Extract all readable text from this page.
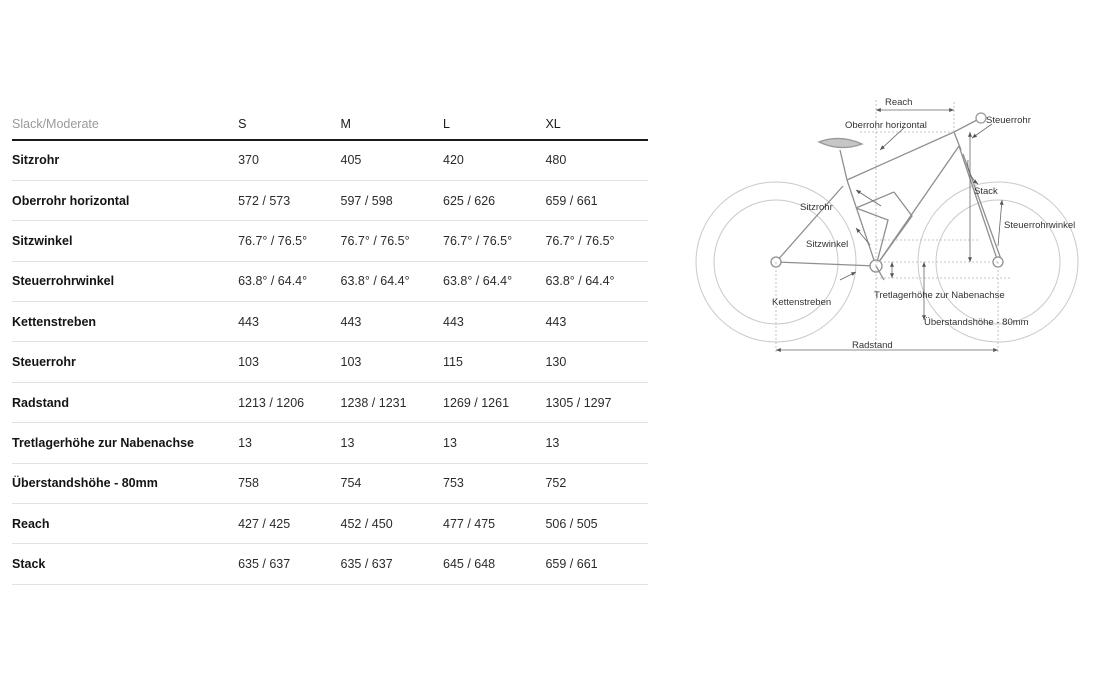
Slack/Moderate	S	M	L	XL
Sitzrohr	370	405	420	480
Oberrohr horizontal	572 / 573	597 / 598	625 / 626	659 / 661
Sitzwinkel	76.7° / 76.5°	76.7° / 76.5°	76.7° / 76.5°	76.7° / 76.5°
Steuerrohrwinkel	63.8° / 64.4°	63.8° / 64.4°	63.8° / 64.4°	63.8° / 64.4°
Kettenstreben	443	443	443	443
Steuerrohr	103	103	115	130
Radstand	1213 / 1206	1238 / 1231	1269 / 1261	1305 / 1297
Tretlagerhöhe zur Nabenachse	13	13	13	13
Überstandshöhe - 80mm	758	754	753	752
Reach	427 / 425	452 / 450	477 / 475	506 / 505
Stack	635 / 637	635 / 637	645 / 648	659 / 661
Reach
Oberrohr horizontal	Steuerrohr
Stack
Sitzrohr
Steuerrohrwinkel
Sitzwinkel
Kettenstreben
Tretlagerhöhe zur Nabenachse
Überstandshöhe - 80mm
Radstand
